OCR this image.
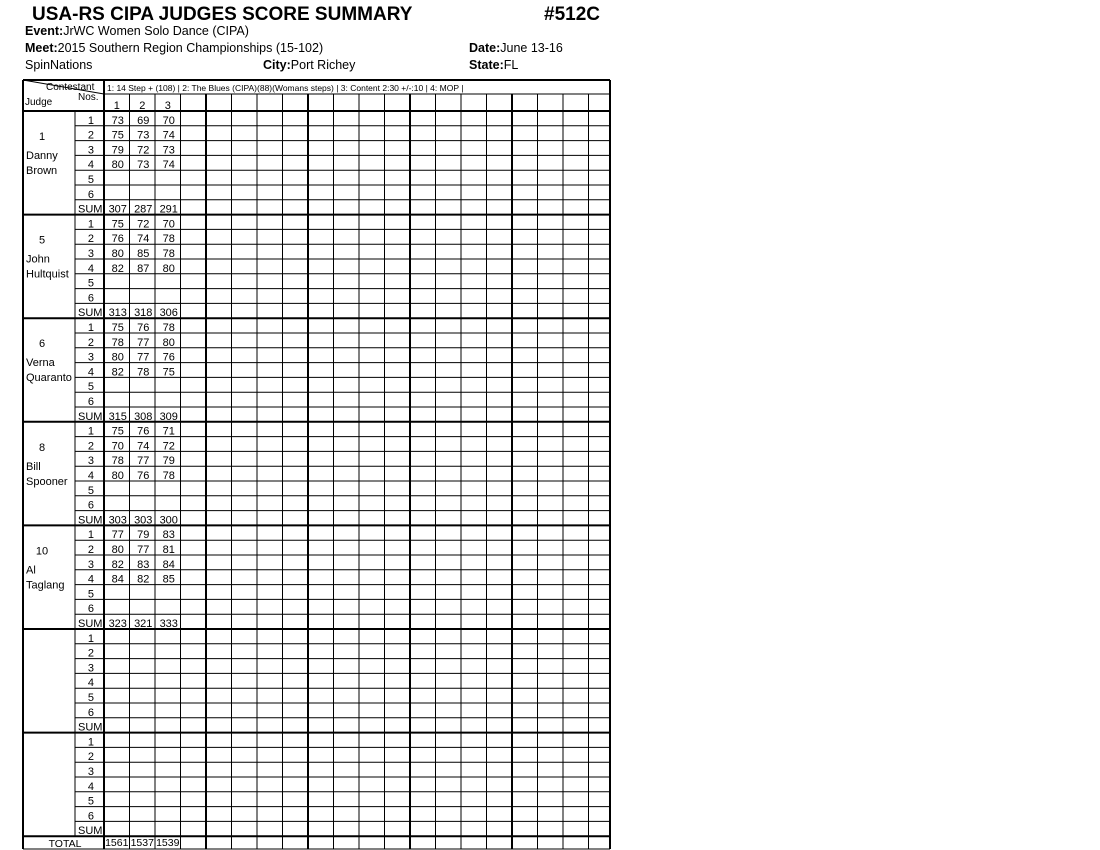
USA-RS CIPA JUDGES SCORE SUMMARY	#512C
Event:JrWC Women Solo Dance (CIPA)
Meet:2015 Southern Region Championships (15-102)	Date:June 13-16
SpinNations	City:Port Richey	State:FL
Contestant
Nos.
Judge
1: 14 Step + (108) | 2: The Blues (CIPA)(88)(Womans steps) | 3: Content 2:30 +/-:10 | 4: MOP |
1 2 3
1
Danny
Brown
1 73 69 70
2 75 73 74
3 79 72 73
4 80 73 74
5
6
SUM 307 287 291
5
John
Hultquist
1 75 72 70
2 76 74 78
3 80 85 78
4 82 87 80
5
6
SUM 313 318 306
6
Verna
Quaranto
1 75 76 78
2 78 77 80
3 80 77 76
4 82 78 75
5
6
SUM 315 308 309
8
Bill
Spooner
1 75 76 71
2 70 74 72
3 78 77 79
4 80 76 78
5
6
SUM 303 303 300
10
Al
Taglang
1 77 79 83
2 80 77 81
3 82 83 84
4 84 82 85
5
6
SUM 323 321 333
1
2
3
4
5
6
SUM
1
2
3
4
5
6
SUM
TOTAL 1561 1537 1539
